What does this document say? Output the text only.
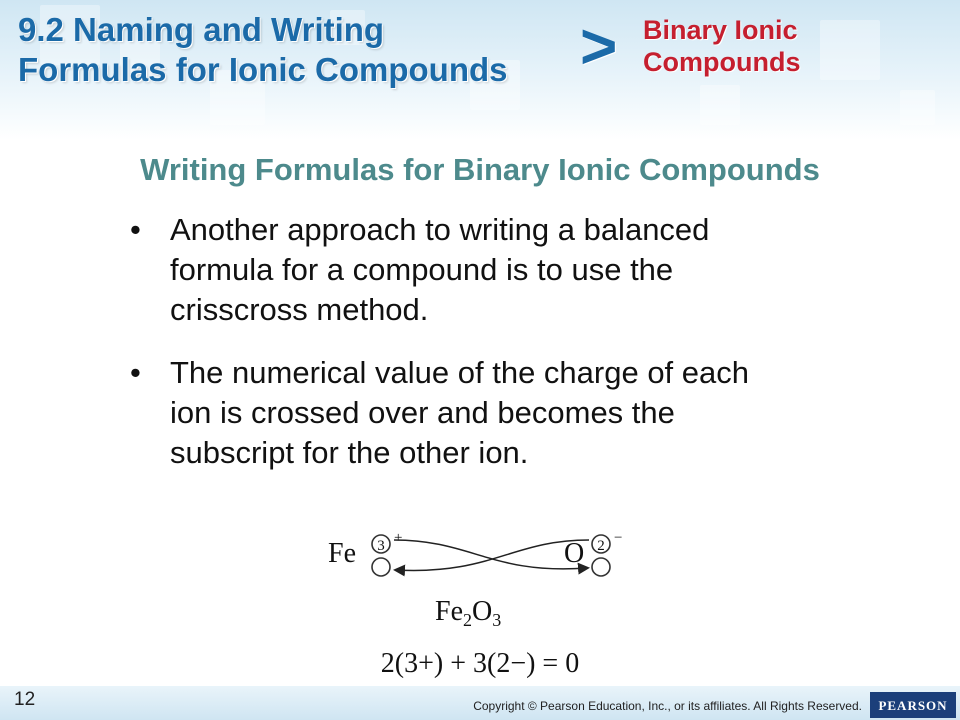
9.2 Naming and Writing
Formulas for Ionic Compounds > Binary Ionic
Compounds
Writing Formulas for Binary Ionic Compounds
• Another approach to writing a balanced
formula for a compound is to use the
crisscross method.
• The numerical value of the charge of each
ion is crossed over and becomes the
subscript for the other ion.
Fe 3 +	O 2 −
$Fe_2O_3$
2(3+) + 3(2−) = 0
12	Copyright © Pearson Education, Inc., or its affiliates. All Rights Reserved. PEARSON
